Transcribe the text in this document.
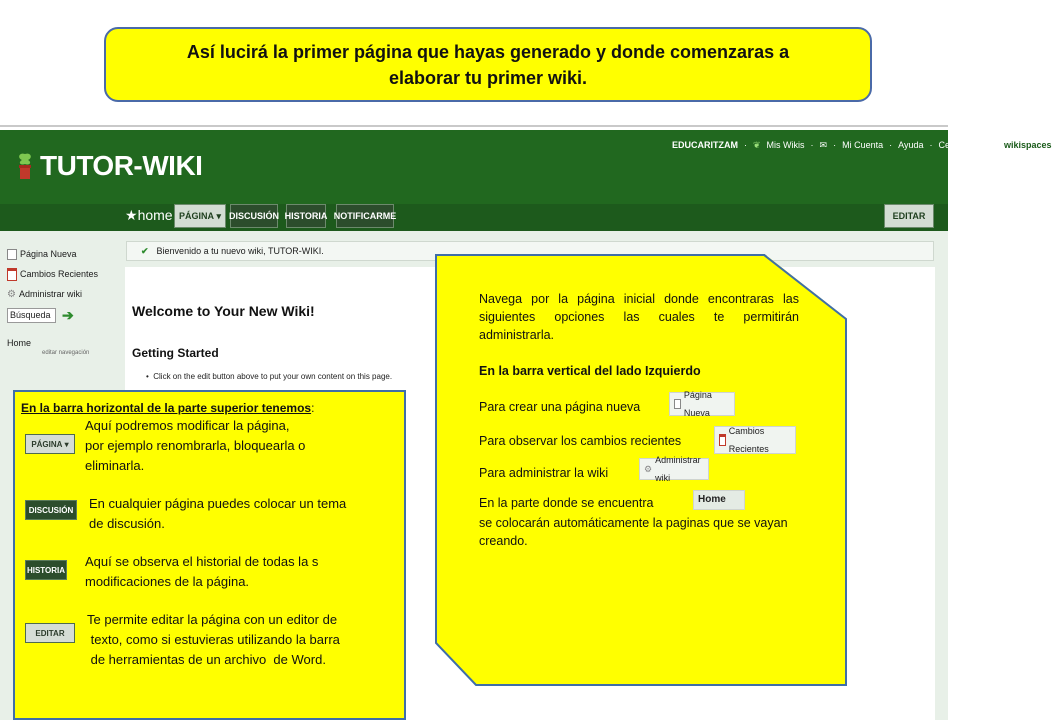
Así lucirá la primer página que hayas generado y donde comenzaras a
elaborar tu primer wiki.
TUTOR-WIKI
EDUCARITZAM · ❦ Mis Wikis · ✉ · Mi Cuenta · Ayuda · Cerrar Sesión	wikispaces
★home PÁGINA
▾ DISCUSIÓN HISTORIA NOTIFICARME	EDITAR
Página Nueva
Cambios Recientes
⚙ Administrar wiki
Búsqueda ➔
Home
editar navegación
✔ Bienvenido a tu nuevo wiki, TUTOR-WIKI.
Welcome to Your New Wiki!
Getting Started
•  Click on the edit button above to put your own content on this page.
En la barra horizontal de la parte superior tenemos:
PÁGINA ▾
Aquí podremos modificar la página,
por ejemplo renombrarla, bloquearla o
eliminarla.
DISCUSIÓN En cualquier página puedes colocar un tema
de discusión.
HISTORIA
Aquí se observa el historial de todas la s
modificaciones de la página.
EDITAR
Te permite editar la página con un editor de
texto, como si estuvieras utilizando la barra
de herramientas de un archivo  de Word.
Navega por la página inicial donde encontraras las siguientes opciones las cuales te permitirán administrarla.
En la barra vertical del lado Izquierdo
Para crear una página nueva
Página Nueva
Para observar los cambios recientes
Cambios Recientes
Para administrar la wiki	⚙
Administrar wiki
En la parte donde se encuentra	Home
se colocarán automáticamente la paginas que se vayan creando.
